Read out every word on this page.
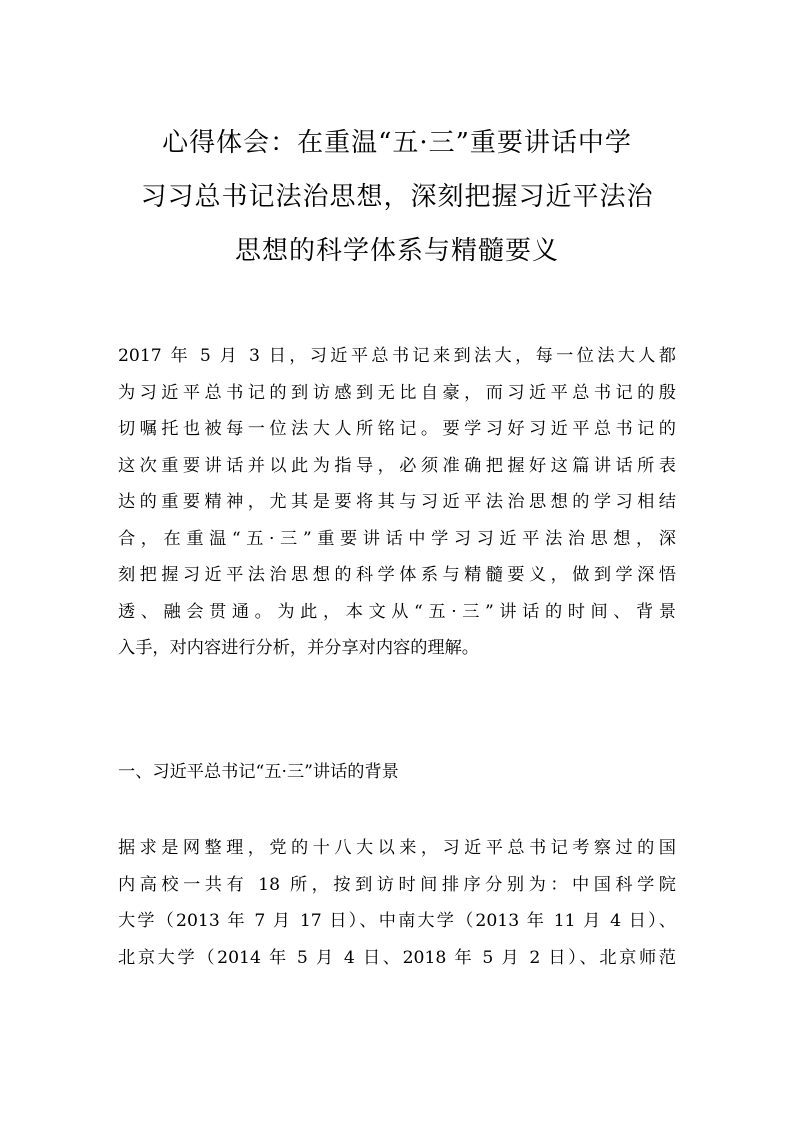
心得体会：在重温“五·三”重要讲话中学
习习总书记法治思想，深刻把握习近平法治
思想的科学体系与精髓要义
2017 年 5 月 3 日，习近平总书记来到法大，每一位法大人都
为习近平总书记的到访感到无比自豪，而习近平总书记的殷
切嘱托也被每一位法大人所铭记。要学习好习近平总书记的
这次重要讲话并以此为指导，必须准确把握好这篇讲话所表
达的重要精神，尤其是要将其与习近平法治思想的学习相结
合，在重温“五·三”重要讲话中学习习近平法治思想，深
刻把握习近平法治思想的科学体系与精髓要义，做到学深悟
透、融会贯通。为此，本文从“五·三”讲话的时间、背景
入手，对内容进行分析，并分享对内容的理解。
一、习近平总书记“五·三”讲话的背景
据求是网整理，党的十八大以来，习近平总书记考察过的国
内高校一共有 18 所，按到访时间排序分别为：中国科学院
大学（2013 年 7 月 17 日）、中南大学（2013 年 11 月 4 日）、
北京大学（2014 年 5 月 4 日、2018 年 5 月 2 日）、北京师范
